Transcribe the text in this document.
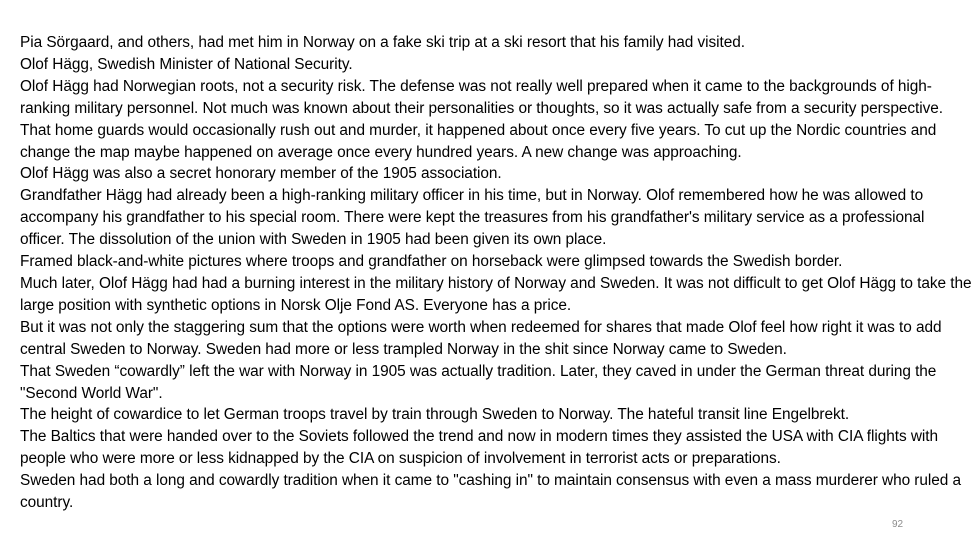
Pia Sörgaard, and others, had met him in Norway on a fake ski trip at a ski resort that his family had visited.

Olof Hägg, Swedish Minister of National Security.

Olof Hägg had Norwegian roots, not a security risk. The defense was not really well prepared when it came to the backgrounds of high-ranking military personnel. Not much was known about their personalities or thoughts, so it was actually safe from a security perspective.

That home guards would occasionally rush out and murder, it happened about once every five years. To cut up the Nordic countries and change the map maybe happened on average once every hundred years. A new change was approaching.

Olof Hägg was also a secret honorary member of the 1905 association.

Grandfather Hägg had already been a high-ranking military officer in his time, but in Norway. Olof remembered how he was allowed to accompany his grandfather to his special room. There were kept the treasures from his grandfather's military service as a professional officer. The dissolution of the union with Sweden in 1905 had been given its own place.

Framed black-and-white pictures where troops and grandfather on horseback were glimpsed towards the Swedish border.

Much later, Olof Hägg had had a burning interest in the military history of Norway and Sweden. It was not difficult to get Olof Hägg to take the large position with synthetic options in Norsk Olje Fond AS. Everyone has a price.

But it was not only the staggering sum that the options were worth when redeemed for shares that made Olof feel how right it was to add central Sweden to Norway. Sweden had more or less trampled Norway in the shit since Norway came to Sweden.

That Sweden “cowardly” left the war with Norway in 1905 was actually tradition. Later, they caved in under the German threat during the "Second World War".

The height of cowardice to let German troops travel by train through Sweden to Norway. The hateful transit line Engelbrekt.

The Baltics that were handed over to the Soviets followed the trend and now in modern times they assisted the USA with CIA flights with people who were more or less kidnapped by the CIA on suspicion of involvement in terrorist acts or preparations.

Sweden had both a long and cowardly tradition when it came to "cashing in" to maintain consensus with even a mass murderer who ruled a country.

92
